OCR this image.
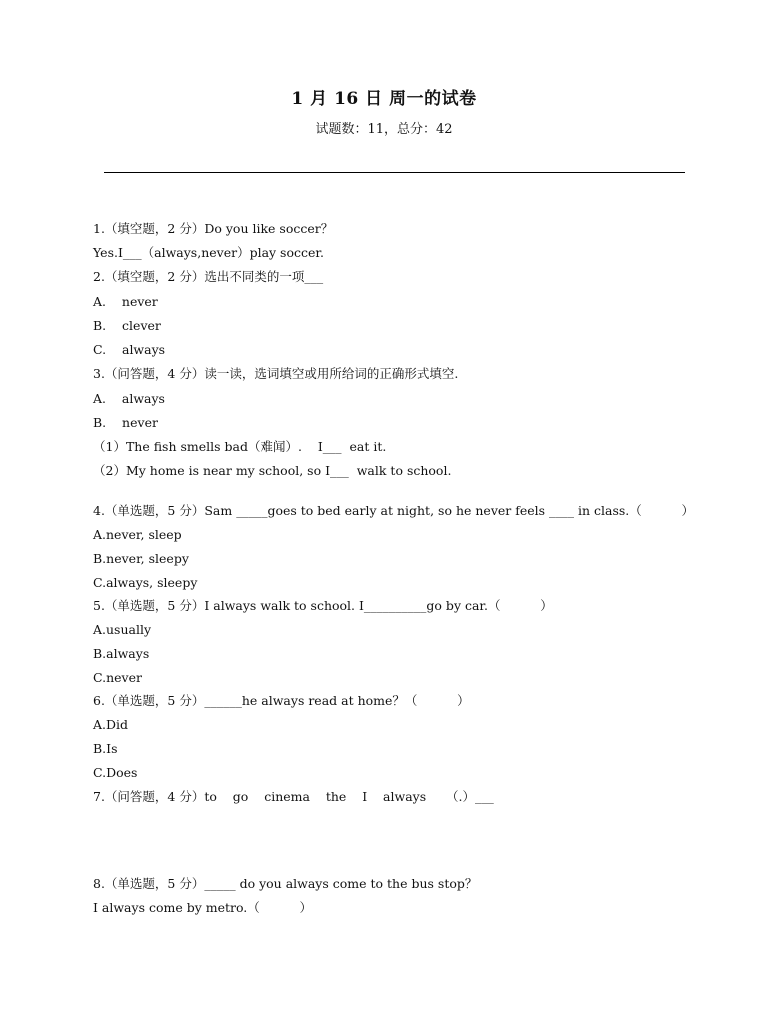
1 月 16 日 周一的试卷
试题数：11，总分：42
1.（填空题，2 分）Do you like soccer？
Yes.I___（always,never）play soccer.
2.（填空题，2 分）选出不同类的一项___
A.    never
B.    clever
C.    always
3.（问答题，4 分）读一读，选词填空或用所给词的正确形式填空.
A.    always
B.    never
（1）The fish smells bad（难闻）.    I___  eat it.
（2）My home is near my school, so I___  walk to school.
4.（单选题，5 分）Sam _____goes to bed early at night, so he never feels ____ in class.（          ）
A.never, sleep
B.never, sleepy
C.always, sleepy
5.（单选题，5 分）I always walk to school. I__________go by car.（          ）
A.usually
B.always
C.never
6.（单选题，5 分）______he always read at home？（          ）
A.Did
B.Is
C.Does
7.（问答题，4 分）to    go    cinema    the    I    always     （.）___
8.（单选题，5 分）_____ do you always come to the bus stop？
I always come by metro.（          ）
